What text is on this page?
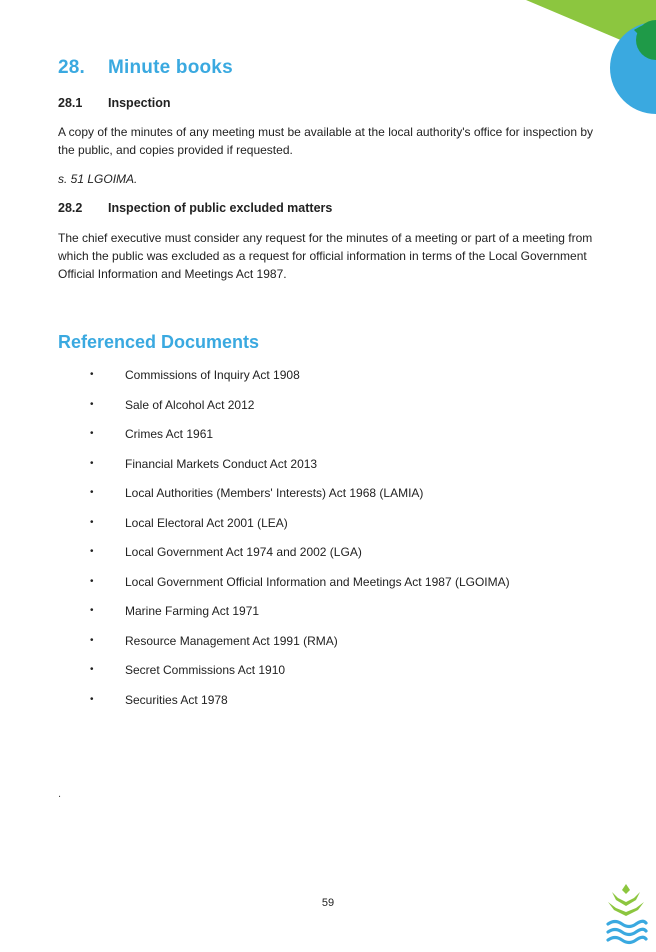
28. Minute books
28.1 Inspection

A copy of the minutes of any meeting must be available at the local authority's office for inspection by the public, and copies provided if requested.

s. 51 LGOIMA.

28.2 Inspection of public excluded matters

The chief executive must consider any request for the minutes of a meeting or part of a meeting from which the public was excluded as a request for official information in terms of the Local Government Official Information and Meetings Act 1987.

Referenced Documents
•	Commissions of Inquiry Act 1908
•	Sale of Alcohol Act 2012
•	Crimes Act 1961
•	Financial Markets Conduct Act 2013
•	Local Authorities (Members' Interests) Act 1968 (LAMIA)
•	Local Electoral Act 2001 (LEA)
•	Local Government Act 1974 and 2002 (LGA)
•	Local Government Official Information and Meetings Act 1987 (LGOIMA)
•	Marine Farming Act 1971
•	Resource Management Act 1991 (RMA)
•	Secret Commissions Act 1910
•	Securities Act 1978
.
59
